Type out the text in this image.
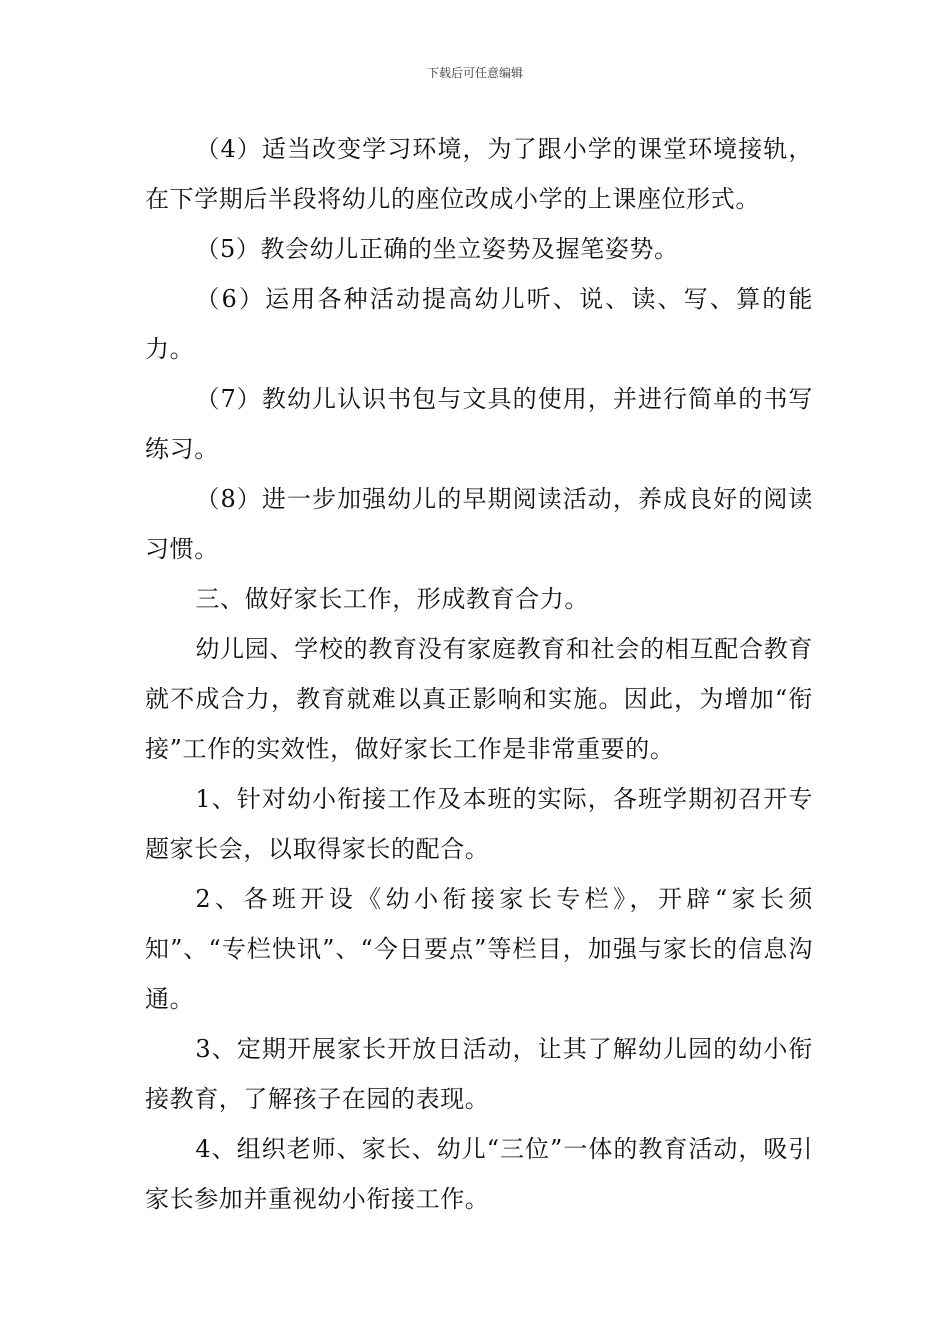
下载后可任意编辑

（4）适当改变学习环境，为了跟小学的课堂环境接轨，在下学期后半段将幼儿的座位改成小学的上课座位形式。

（5）教会幼儿正确的坐立姿势及握笔姿势。

（6）运用各种活动提高幼儿听、说、读、写、算的能力。

（7）教幼儿认识书包与文具的使用，并进行简单的书写练习。

（8）进一步加强幼儿的早期阅读活动，养成良好的阅读习惯。

三、做好家长工作，形成教育合力。

幼儿园、学校的教育没有家庭教育和社会的相互配合教育就不成合力，教育就难以真正影响和实施。因此，为增加“衔接”工作的实效性，做好家长工作是非常重要的。

1、针对幼小衔接工作及本班的实际，各班学期初召开专题家长会，以取得家长的配合。

2、各班开设《幼小衔接家长专栏》，开辟“家长须知”、“专栏快讯”、“今日要点”等栏目，加强与家长的信息沟通。

3、定期开展家长开放日活动，让其了解幼儿园的幼小衔接教育，了解孩子在园的表现。

4、组织老师、家长、幼儿“三位”一体的教育活动，吸引家长参加并重视幼小衔接工作。
